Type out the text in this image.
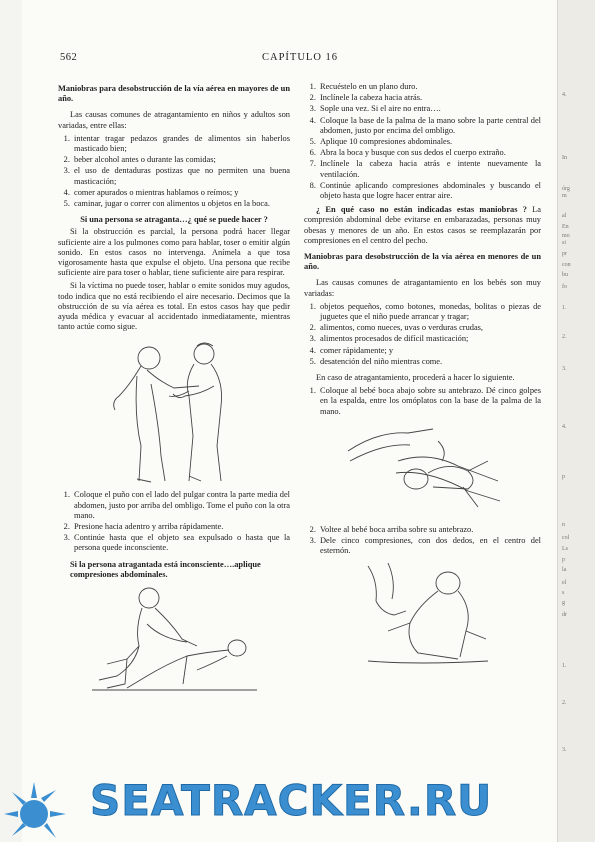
4.
In
órg
m
al
En
mo
si
pr
con
bu
fo
1.
2.
3.
4.
p
n
col
Ls
p
la
el
s
g
dr
1.
2.
3.
562	CAPÍTULO 16

Maniobras para desobstrucción de la vía aérea en mayores de un año.

Las causas comunes de atragantamiento en niños y adultos son variadas, entre ellas:

1. intentar tragar pedazos grandes de alimentos sin haberlos masticado bien;
2. beber alcohol antes o durante las comidas;
3. el uso de dentaduras postizas que no permiten una buena masticación;
4. comer apurados o mientras hablamos o reímos; y
5. caminar, jugar o correr con alimentos u objetos en la boca.

Si una persona se atraganta…¿ qué se puede hacer ?

Si la obstrucción es parcial, la persona podrá hacer llegar suficiente aire a los pulmones como para hablar, toser o emitir algún sonido. En estos casos no intervenga. Anímela a que tosa vigorosamente hasta que expulse el objeto. Una persona que recibe suficiente aire para toser o hablar, tiene suficiente aire para respirar.

Si la víctima no puede toser, hablar o emite sonidos muy agudos, todo indica que no está recibiendo el aire necesario. Decimos que la obstrucción de su vía aérea es total. En estos casos hay que pedir ayuda médica y evacuar al accidentado inmediatamente, mientras tanto actúe como sigue.

1. Coloque el puño con el lado del pulgar contra la parte media del abdomen, justo por arriba del ombligo. Tome el puño con la otra mano.
2. Presione hacia adentro y arriba rápidamente.
3. Continúe hasta que el objeto sea expulsado o hasta que la persona quede inconsciente.

Si la persona atragantada está inconsciente….aplique compresiones abdominales.

1. Recuéstelo en un plano duro.
2. Inclínele la cabeza hacia atrás.
3. Sople una vez. Si el aire no entra….
4. Coloque la base de la palma de la mano sobre la parte central del abdomen, justo por encima del ombligo.
5. Aplique 10 compresiones abdominales.
6. Abra la boca y busque con sus dedos el cuerpo extraño.
7. Inclínele la cabeza hacia atrás e intente nuevamente la ventilación.
8. Continúe aplicando compresiones abdominales y buscando el objeto hasta que logre hacer entrar aire.

¿ En qué caso no están indicadas estas maniobras ? La compresión abdominal debe evitarse en embarazadas, personas muy obesas y menores de un año. En estos casos se reemplazarán por compresiones en el centro del pecho.

Maniobras para desobstrucción de la vía aérea en menores de un año.

Las causas comunes de atragantamiento en los bebés son muy variadas:

1. objetos pequeños, como botones, monedas, bolitas o piezas de juguetes que el niño puede arrancar y tragar;
2. alimentos, como nueces, uvas o verduras crudas,
3. alimentos procesados de difícil masticación;
4. comer rápidamente; y
5. desatención del niño mientras come.

En caso de atragantamiento, procederá a hacer lo siguiente.

1. Coloque al bebé boca abajo sobre su antebrazo. Dé cinco golpes en la espalda, entre los omóplatos con la base de la palma de la mano.
2. Voltee al bebé boca arriba sobre su antebrazo.
3. Dele cinco compresiones, con dos dedos, en el centro del esternón.
SEATRACKER.RU
